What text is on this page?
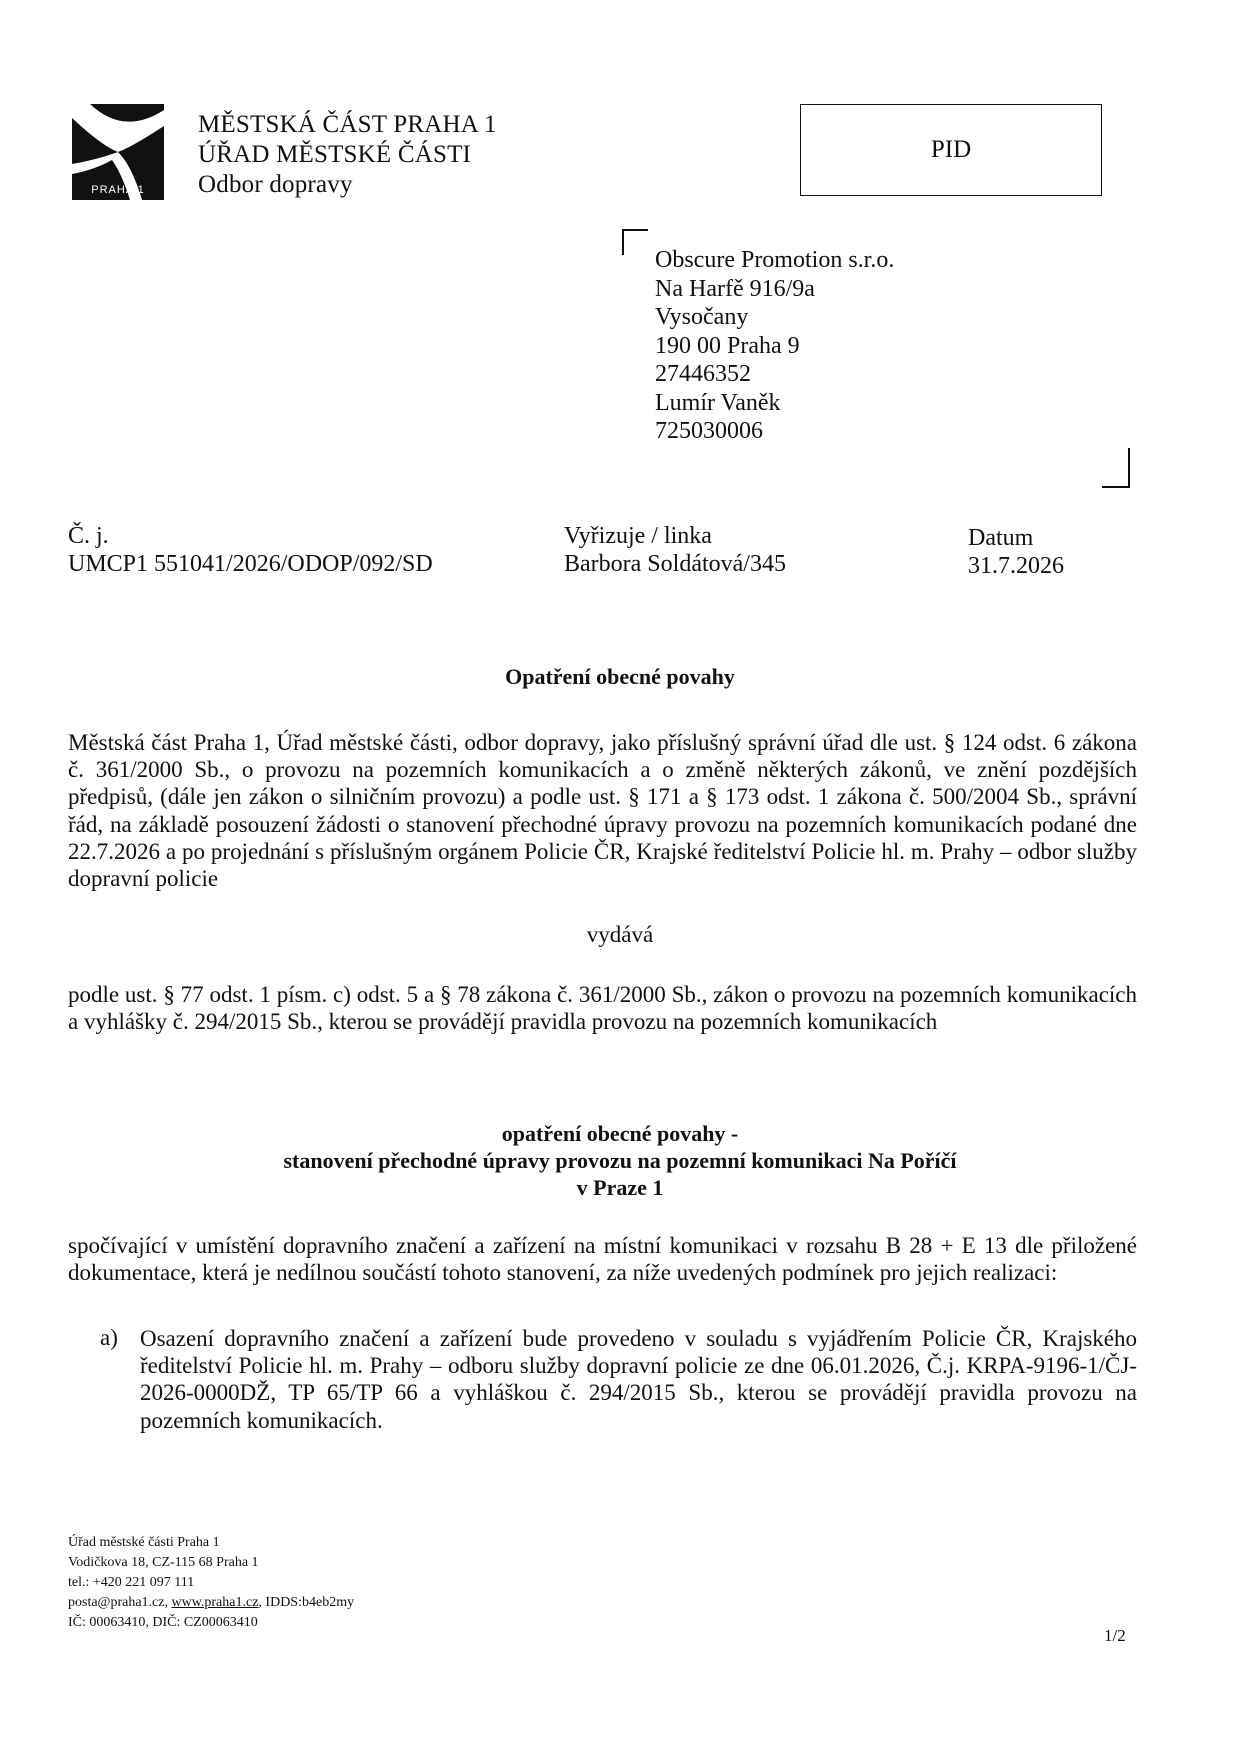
PRAHA 1
MĚSTSKÁ ČÁST PRAHA 1
ÚŘAD MĚSTSKÉ ČÁSTI
Odbor dopravy
PID
Obscure Promotion s.r.o.
Na Harfě 916/9a
Vysočany
190 00 Praha 9
27446352
Lumír Vaněk
725030006
Č. j.
UMCP1 551041/2026/ODOP/092/SD
Vyřizuje / linka
Barbora Soldátová/345
Datum
31.7.2026
Opatření obecné povahy
Městská část Praha 1, Úřad městské části, odbor dopravy, jako příslušný správní úřad dle ust. § 124 odst. 6 zákona č. 361/2000 Sb., o provozu na pozemních komunikacích a o změně některých zákonů, ve znění pozdějších předpisů, (dále jen zákon o silničním provozu) a podle ust. § 171 a § 173 odst. 1 zákona č. 500/2004 Sb., správní řád, na základě posouzení žádosti o stanovení přechodné úpravy provozu na pozemních komunikacích podané dne 22.7.2026 a po projednání s příslušným orgánem Policie ČR, Krajské ředitelství Policie hl. m. Prahy – odbor služby dopravní policie
vydává
podle ust. § 77 odst. 1 písm. c) odst. 5 a § 78 zákona č. 361/2000 Sb., zákon o provozu na pozemních komunikacích a vyhlášky č. 294/2015 Sb., kterou se provádějí pravidla provozu na pozemních komunikacích
opatření obecné povahy -
stanovení přechodné úpravy provozu na pozemní komunikaci Na Poříčí
v Praze 1
spočívající v umístění dopravního značení a zařízení na místní komunikaci v rozsahu B 28 + E 13 dle přiložené dokumentace, která je nedílnou součástí tohoto stanovení, za níže uvedených podmínek pro jejich realizaci:
a) Osazení dopravního značení a zařízení bude provedeno v souladu s vyjádřením Policie ČR, Krajského ředitelství Policie hl. m. Prahy – odboru služby dopravní policie ze dne 06.01.2026, Č.j. KRPA-9196-1/ČJ-2026-0000DŽ, TP 65/TP 66 a vyhláškou č. 294/2015 Sb., kterou se provádějí pravidla provozu na pozemních komunikacích.
Úřad městské části Praha 1
Vodičkova 18, CZ-115 68 Praha 1
tel.: +420 221 097 111
posta@praha1.cz, www.praha1.cz, IDDS:b4eb2my
IČ: 00063410, DIČ: CZ00063410
1/2
